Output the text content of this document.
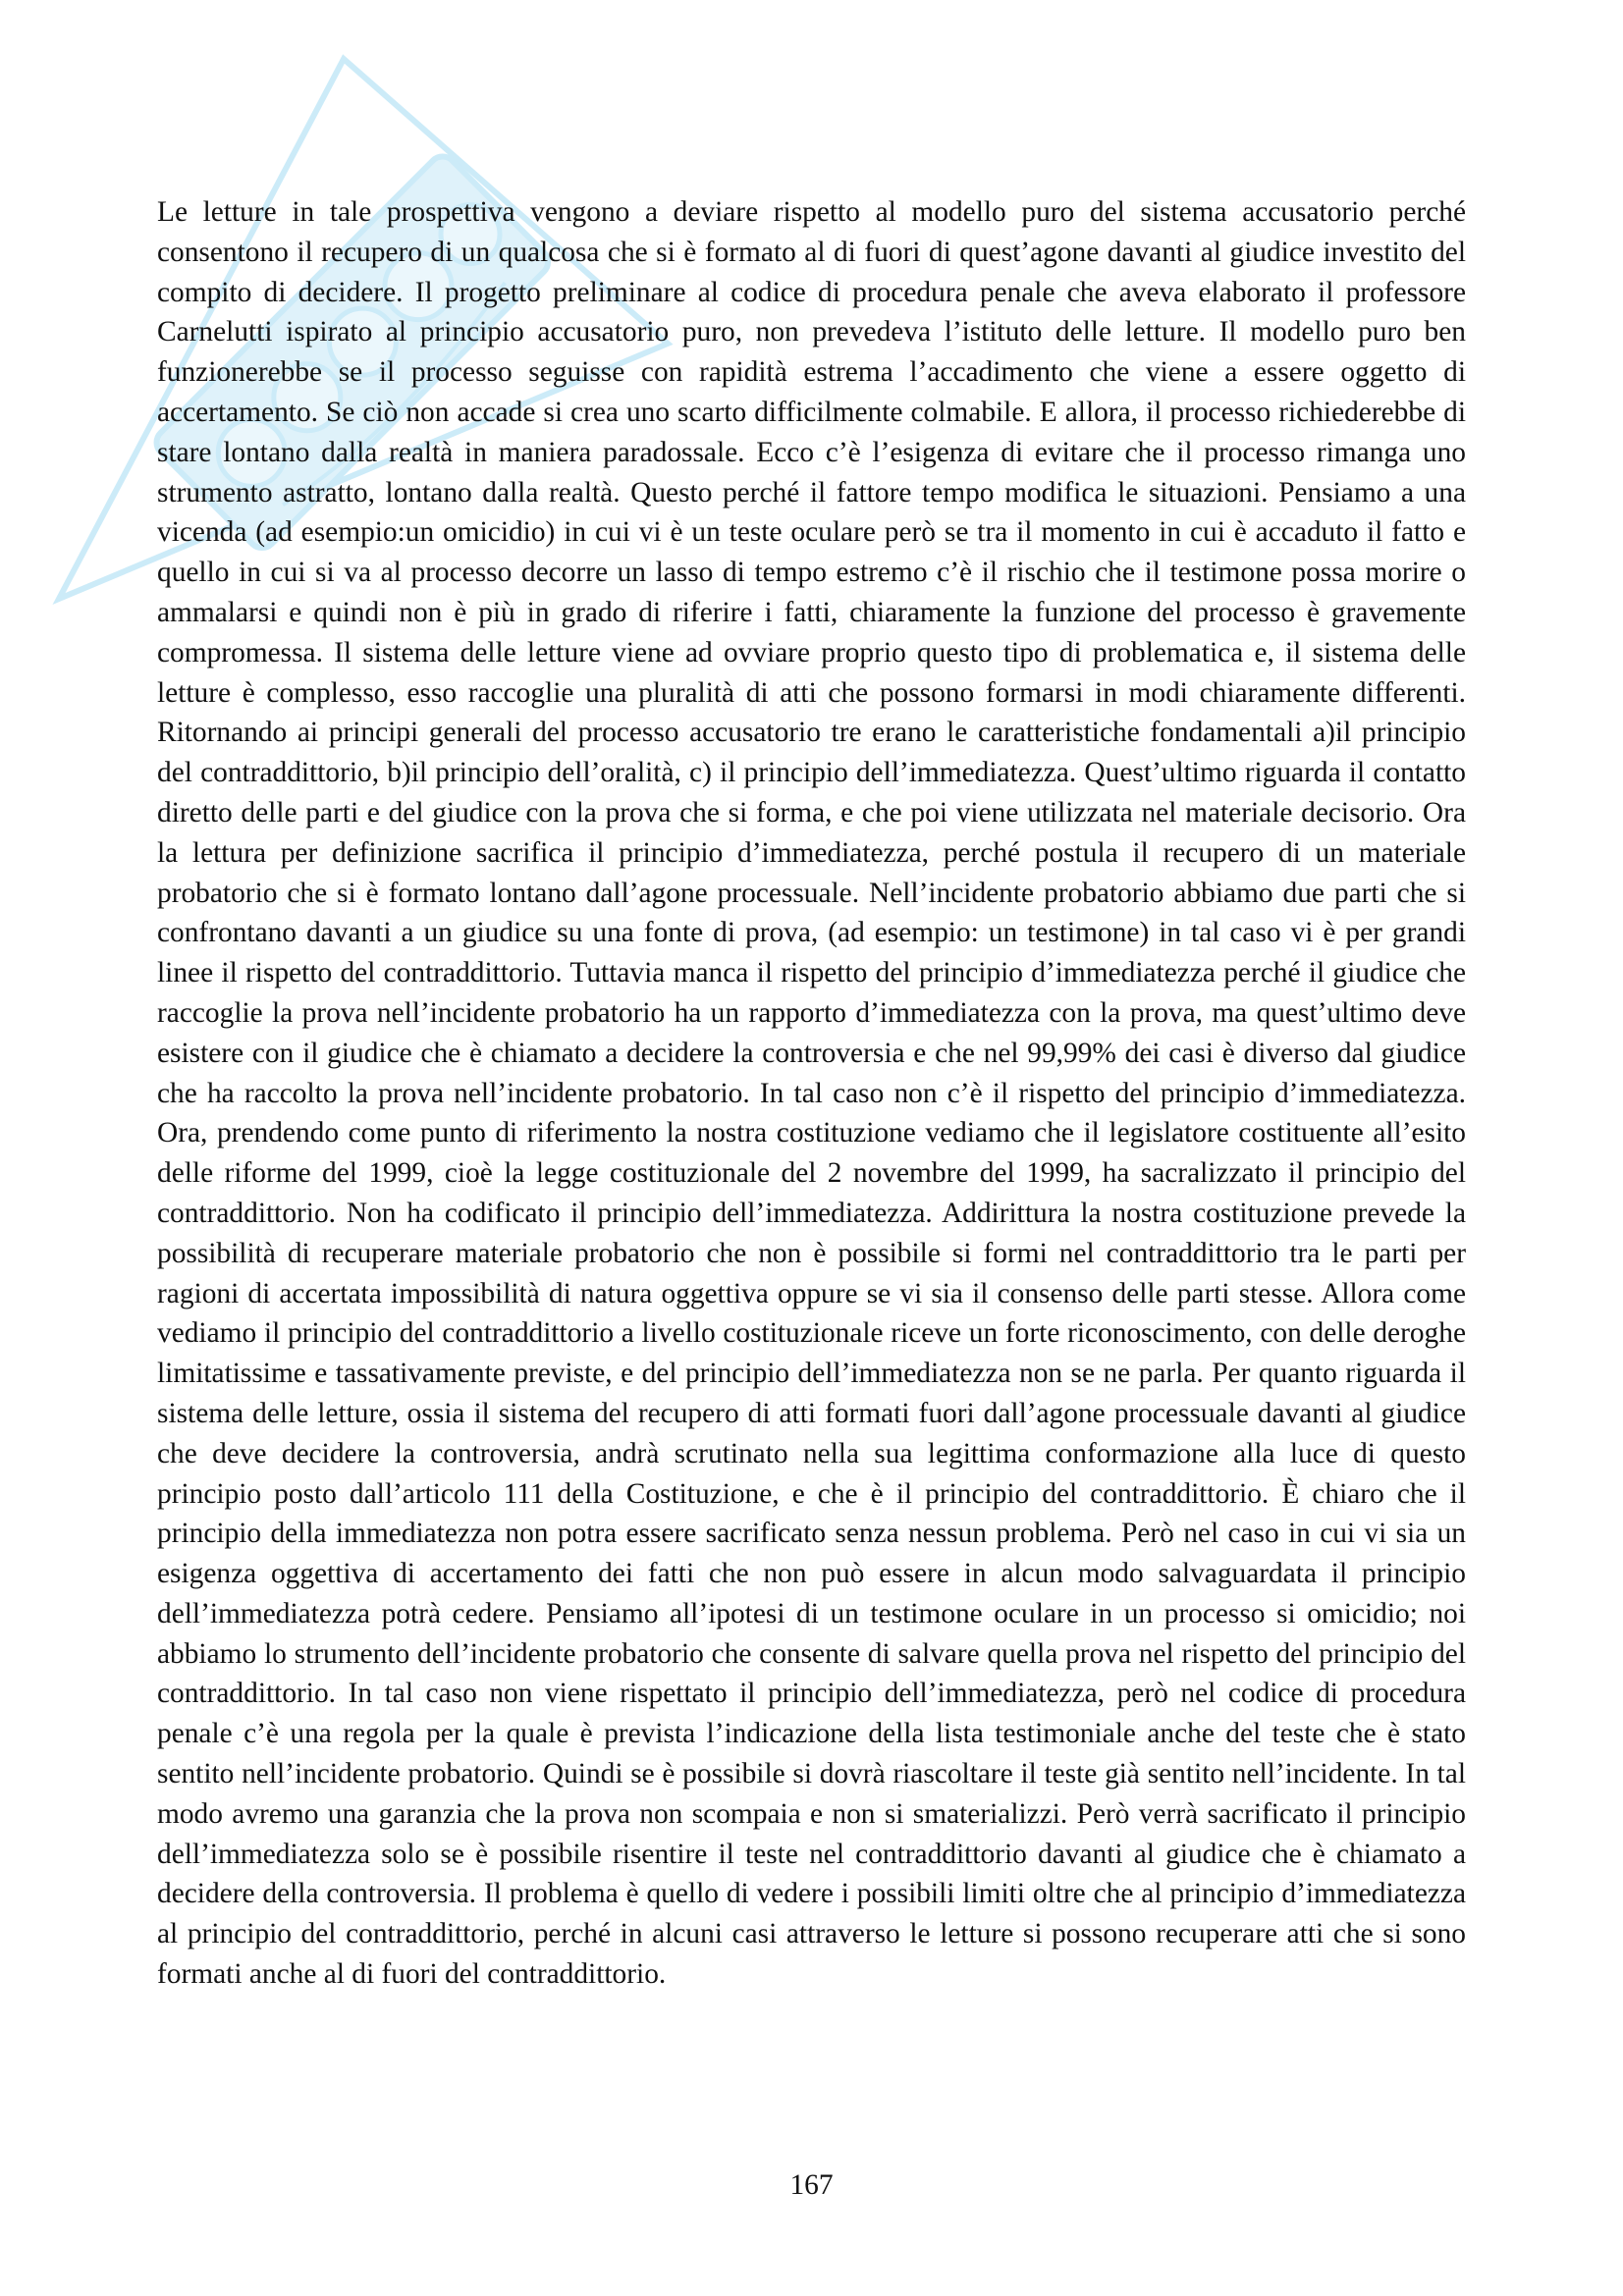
Le letture in tale prospettiva vengono a deviare rispetto al modello puro del sistema accusatorio perché consentono il recupero di un qualcosa che si è formato al di fuori di quest’agone davanti al giudice investito del compito di decidere. Il progetto preliminare al codice di procedura penale che aveva elaborato il professore Carnelutti ispirato al principio accusatorio puro, non prevedeva l’istituto delle letture. Il modello puro ben funzionerebbe se il processo seguisse con rapidità estrema l’accadimento che viene a essere oggetto di accertamento. Se ciò non accade si crea uno scarto difficilmente colmabile. E allora, il processo richiederebbe di stare lontano dalla realtà in maniera paradossale. Ecco c’è l’esigenza di evitare che il processo rimanga uno strumento astratto, lontano dalla realtà. Questo perché il fattore tempo modifica le situazioni. Pensiamo a una vicenda (ad esempio:un omicidio) in cui vi è un teste oculare però se tra il momento in cui è accaduto il fatto e quello in cui si va al processo decorre un lasso di tempo estremo c’è il rischio che il testimone possa morire o ammalarsi e quindi non è più in grado di riferire i fatti, chiaramente la funzione del processo è gravemente compromessa. Il sistema delle letture viene ad ovviare proprio questo tipo di problematica e, il sistema delle letture è complesso, esso raccoglie una pluralità di atti che possono formarsi in modi chiaramente differenti. Ritornando ai principi generali del processo accusatorio tre erano le caratteristiche fondamentali a)il principio del contraddittorio, b)il principio dell’oralità, c) il principio dell’immediatezza. Quest’ultimo riguarda il contatto diretto delle parti e del giudice con la prova che si forma, e che poi viene utilizzata nel materiale decisorio. Ora la lettura per definizione sacrifica il principio d’immediatezza, perché postula il recupero di un materiale probatorio che si è formato lontano dall’agone processuale. Nell’incidente probatorio abbiamo due parti che si confrontano davanti a un giudice su una fonte di prova, (ad esempio: un testimone) in tal caso vi è per grandi linee il rispetto del contraddittorio. Tuttavia manca il rispetto del principio d’immediatezza perché il giudice che raccoglie la prova nell’incidente probatorio ha un rapporto d’immediatezza con la prova, ma quest’ultimo deve esistere con il giudice che è chiamato a decidere la controversia e che nel 99,99% dei casi è diverso dal giudice che ha raccolto la prova nell’incidente probatorio. In tal caso non c’è il rispetto del principio d’immediatezza. Ora, prendendo come punto di riferimento la nostra costituzione vediamo che il legislatore costituente all’esito delle riforme del 1999, cioè la legge costituzionale del 2 novembre del 1999, ha sacralizzato il principio del contraddittorio. Non ha codificato il principio dell’immediatezza. Addirittura la nostra costituzione prevede la possibilità di recuperare materiale probatorio che non è possibile si formi nel contraddittorio tra le parti per ragioni di accertata impossibilità di natura oggettiva oppure se vi sia il consenso delle parti stesse. Allora come vediamo il principio del contraddittorio a livello costituzionale riceve un forte riconoscimento, con delle deroghe limitatissime e tassativamente previste, e del principio dell’immediatezza non se ne parla. Per quanto riguarda il sistema delle letture, ossia il sistema del recupero di atti formati fuori dall’agone processuale davanti al giudice che deve decidere la controversia, andrà scrutinato nella sua legittima conformazione alla luce di questo principio posto dall’articolo 111 della Costituzione, e che è il principio del contraddittorio. È chiaro che il principio della immediatezza non potra essere sacrificato senza nessun problema. Però nel caso in cui vi sia un esigenza oggettiva di accertamento dei fatti che non può essere in alcun modo salvaguardata il principio dell’immediatezza potrà cedere. Pensiamo all’ipotesi di un testimone oculare in un processo si omicidio; noi abbiamo lo strumento dell’incidente probatorio che consente di salvare quella prova nel rispetto del principio del contraddittorio. In tal caso non viene rispettato il principio dell’immediatezza, però nel codice di procedura penale c’è una regola per la quale è prevista l’indicazione della lista testimoniale anche del teste che è stato sentito nell’incidente probatorio. Quindi se è possibile si dovrà riascoltare il teste già sentito nell’incidente. In tal modo avremo una garanzia che la prova non scompaia e non si smaterializzi. Però verrà sacrificato il principio dell’immediatezza solo se è possibile risentire il teste nel contraddittorio davanti al giudice che è chiamato a decidere della controversia. Il problema è quello di vedere i possibili limiti oltre che al principio d’immediatezza al principio del contraddittorio, perché in alcuni casi attraverso le letture si possono recuperare atti che si sono formati anche al di fuori del contraddittorio.

167
